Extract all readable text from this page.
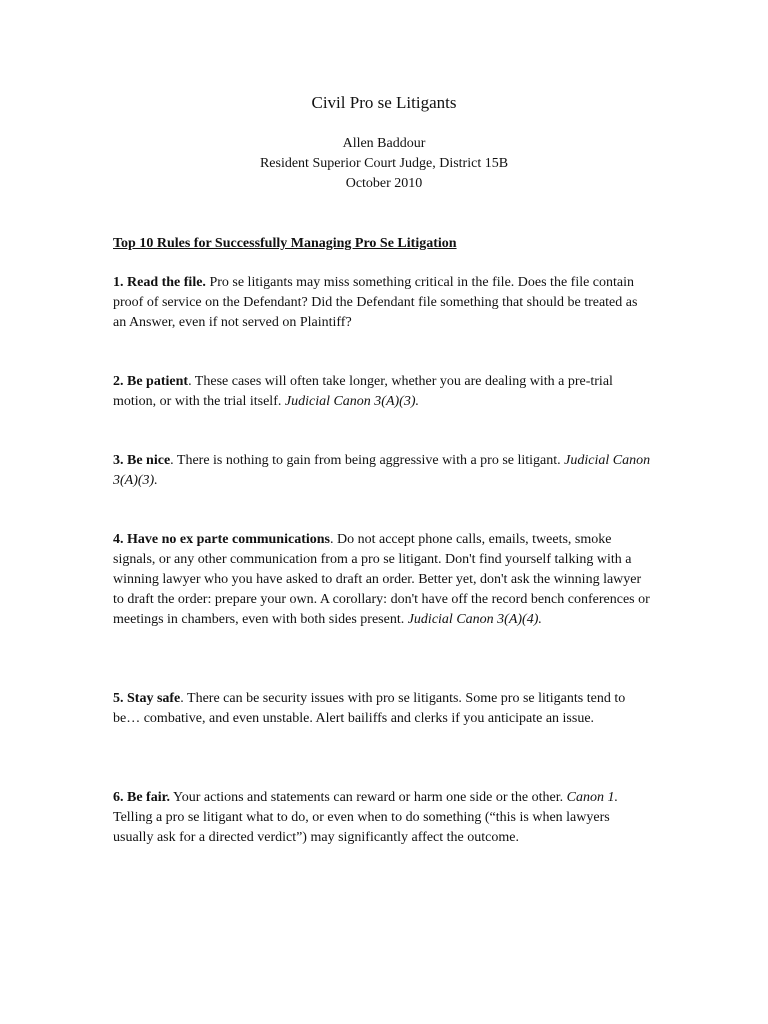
Civil Pro se Litigants
Allen Baddour
Resident Superior Court Judge, District 15B
October 2010
Top 10 Rules for Successfully Managing Pro Se Litigation

1. Read the file. Pro se litigants may miss something critical in the file. Does the file contain proof of service on the Defendant? Did the Defendant file something that should be treated as an Answer, even if not served on Plaintiff?

2. Be patient. These cases will often take longer, whether you are dealing with a pre-trial motion, or with the trial itself. Judicial Canon 3(A)(3).

3. Be nice. There is nothing to gain from being aggressive with a pro se litigant. Judicial Canon 3(A)(3).

4. Have no ex parte communications. Do not accept phone calls, emails, tweets, smoke signals, or any other communication from a pro se litigant. Don't find yourself talking with a winning lawyer who you have asked to draft an order. Better yet, don't ask the winning lawyer to draft the order: prepare your own. A corollary: don't have off the record bench conferences or meetings in chambers, even with both sides present. Judicial Canon 3(A)(4).

5. Stay safe. There can be security issues with pro se litigants. Some pro se litigants tend to be… combative, and even unstable. Alert bailiffs and clerks if you anticipate an issue.

6. Be fair. Your actions and statements can reward or harm one side or the other. Canon 1. Telling a pro se litigant what to do, or even when to do something (“this is when lawyers usually ask for a directed verdict”) may significantly affect the outcome.
